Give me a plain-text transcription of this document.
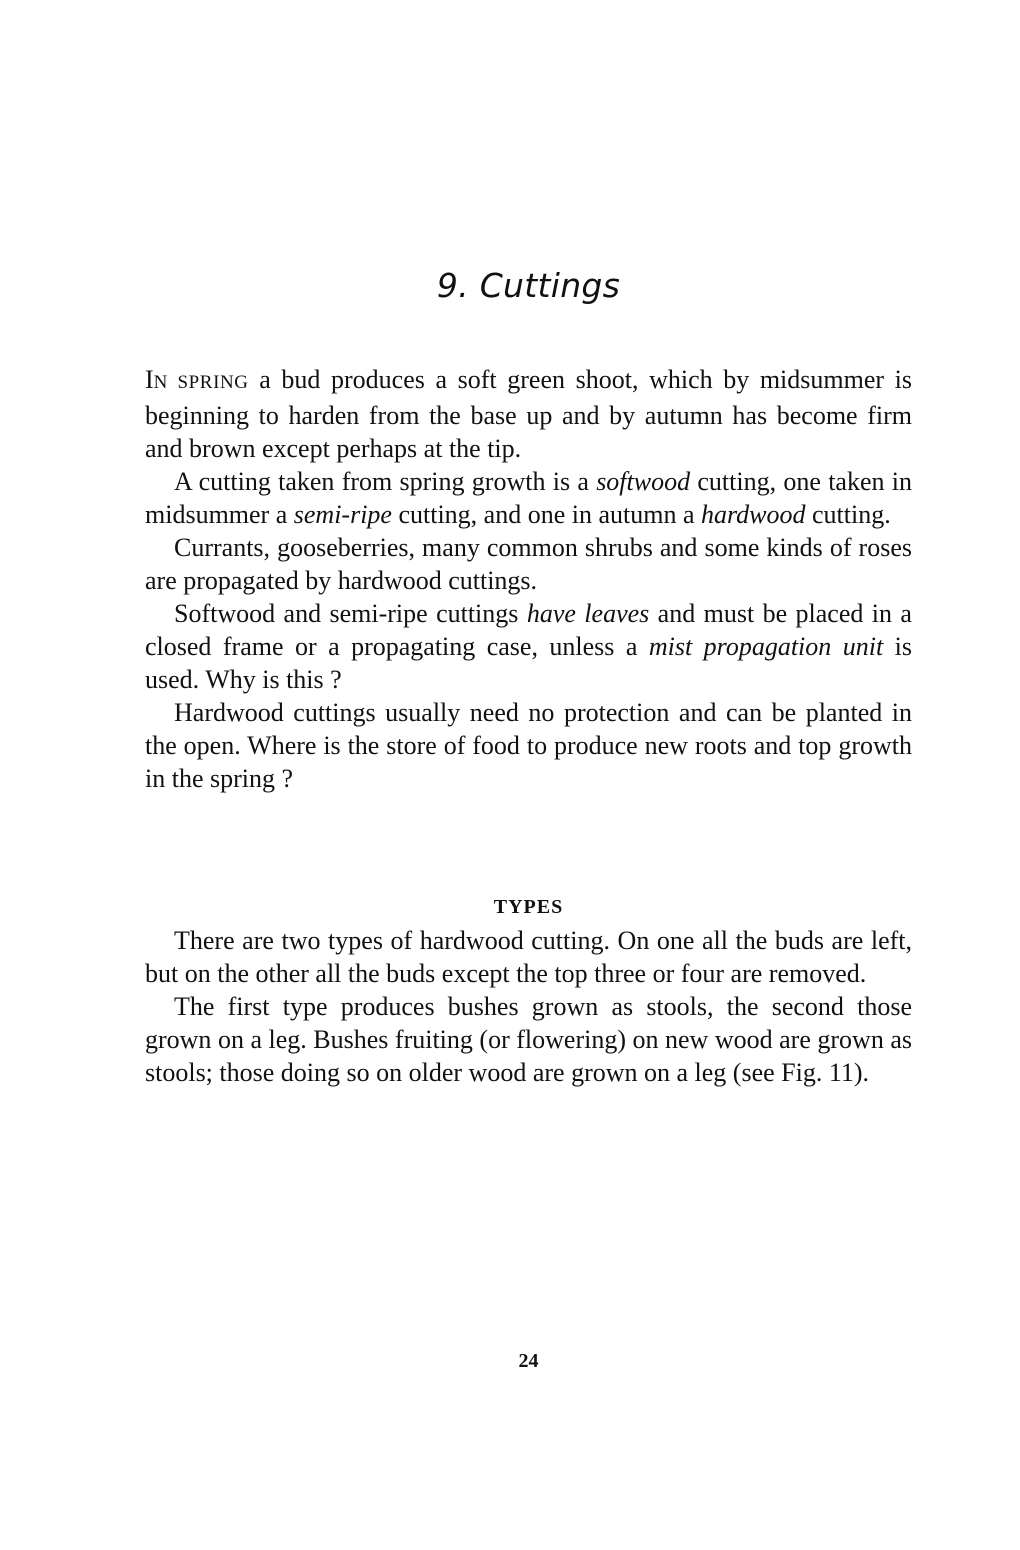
9. Cuttings

IN SPRING a bud produces a soft green shoot, which by midsummer is beginning to harden from the base up and by autumn has become firm and brown except perhaps at the tip.

A cutting taken from spring growth is a softwood cutting, one taken in midsummer a semi-ripe cutting, and one in autumn a hardwood cutting.

Currants, gooseberries, many common shrubs and some kinds of roses are propagated by hardwood cuttings.

Softwood and semi-ripe cuttings have leaves and must be placed in a closed frame or a propagating case, unless a mist propagation unit is used. Why is this ?

Hardwood cuttings usually need no protection and can be planted in the open. Where is the store of food to produce new roots and top growth in the spring ?

TYPES

There are two types of hardwood cutting. On one all the buds are left, but on the other all the buds except the top three or four are removed.

The first type produces bushes grown as stools, the second those grown on a leg. Bushes fruiting (or flowering) on new wood are grown as stools; those doing so on older wood are grown on a leg (see Fig. 11).

24
